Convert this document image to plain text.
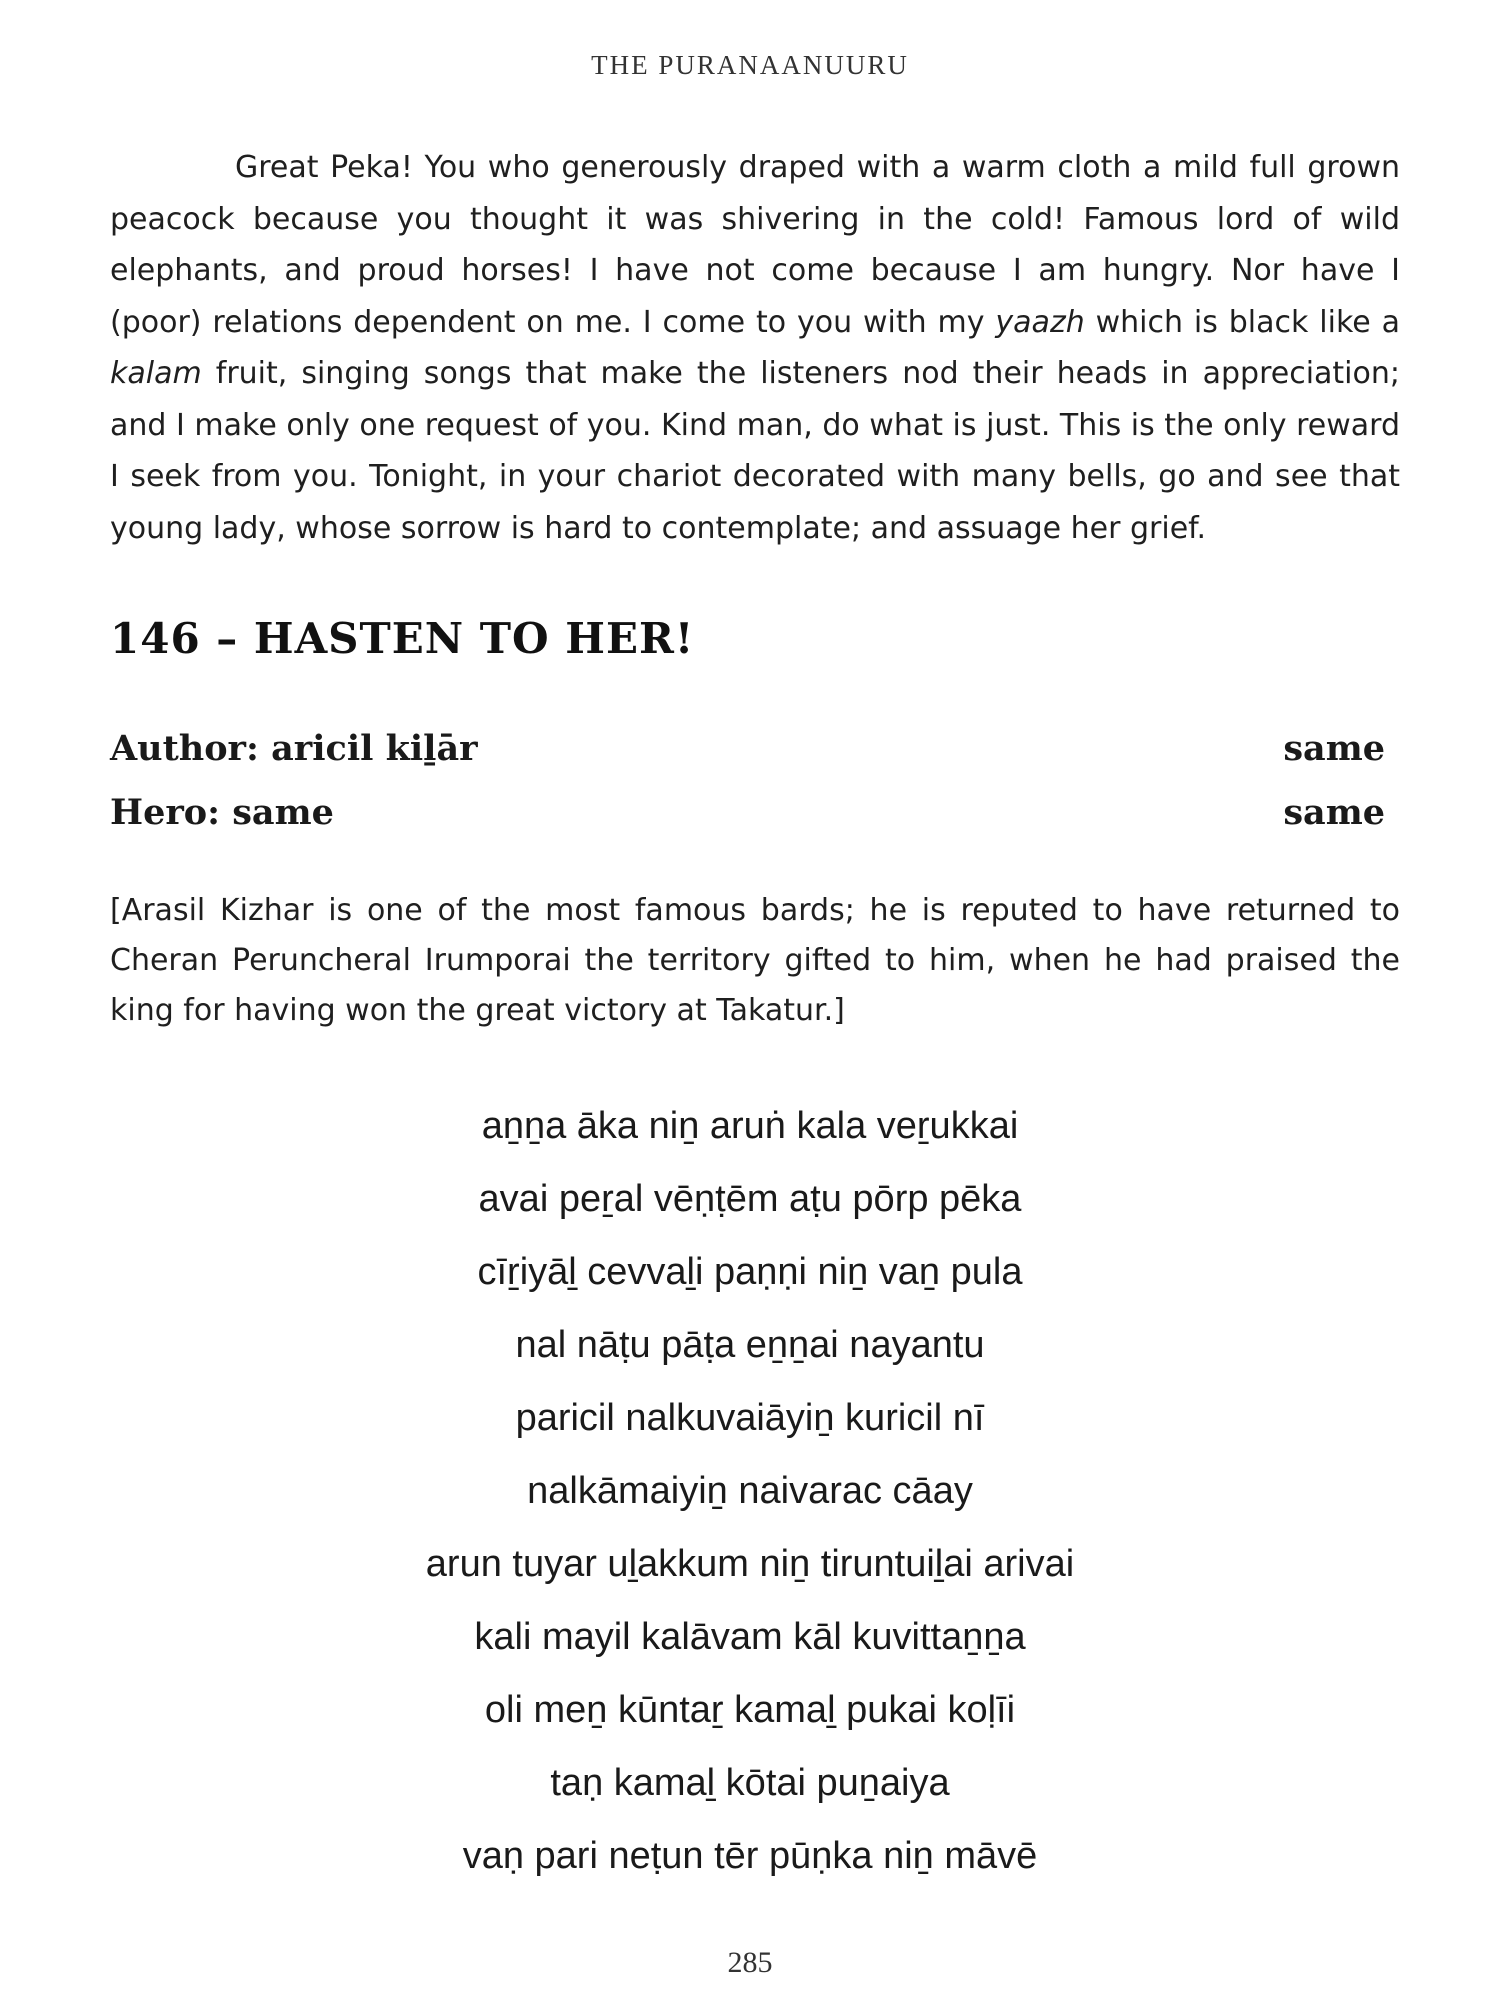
THE PURANAANUURU

Great Peka! You who generously draped with a warm cloth a mild full grown peacock because you thought it was shivering in the cold! Famous lord of wild elephants, and proud horses! I have not come because I am hungry. Nor have I (poor) relations dependent on me. I come to you with my yaazh which is black like a kalam fruit, singing songs that make the listeners nod their heads in appreciation; and I make only one request of you. Kind man, do what is just. This is the only reward I seek from you. Tonight, in your chariot decorated with many bells, go and see that young lady, whose sorrow is hard to contemplate; and assuage her grief.

146 – HASTEN TO HER!
Author: aricil kiḻār	same
Hero: same	same

[Arasil Kizhar is one of the most famous bards; he is reputed to have returned to Cheran Peruncheral Irumporai the territory gifted to him, when he had praised the king for having won the great victory at Takatur.]

aṉṉa āka niṉ aruṅ kala veṟukkai
avai peṟal vēṇṭēm aṭu pōrp pēka
cīṟiyāḻ cevvaḻi paṇṇi niṉ vaṉ pula
nal nāṭu pāṭa eṉṉai nayantu
paricil nalkuvaiāyiṉ kuricil nī
nalkāmaiyiṉ naivarac cāay
arun tuyar uḻakkum niṉ tiruntuiḻai arivai
kali mayil kalāvam kāl kuvittaṉṉa
oli meṉ kūntaṟ kamaḻ pukai koḷīi
taṇ kamaḻ kōtai puṉaiya
vaṇ pari neṭun tēr pūṇka niṉ māvē
285
